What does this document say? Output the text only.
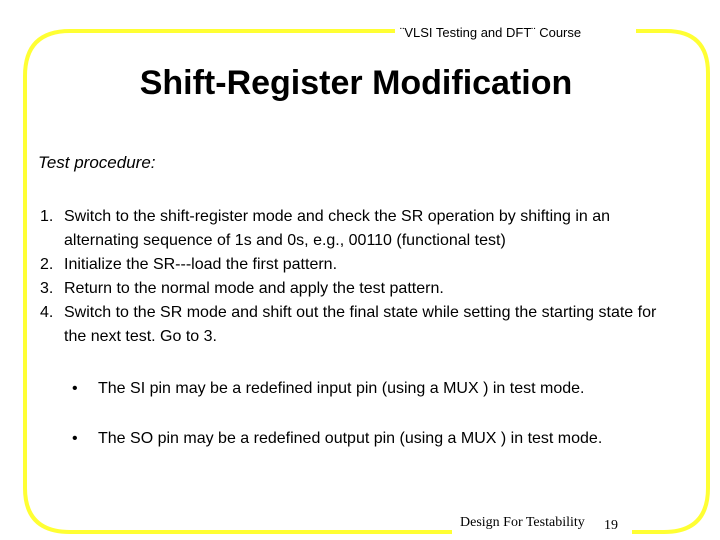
¨VLSI Testing and DFT¨ Course
Shift-Register Modification
Test procedure:
1. Switch to the shift-register mode and check the SR operation by shifting in an alternating sequence of 1s and 0s, e.g., 00110 (functional test)
2. Initialize the SR---load the first pattern.
3. Return to the normal mode and apply the test pattern.
4. Switch to the SR mode and shift out the final state while setting the starting state for the next test. Go to 3.
•	The SI pin may be a redefined input pin (using a MUX ) in test mode.
•	The SO pin may be a redefined output pin (using a MUX ) in test mode.
Design For Testability 19
